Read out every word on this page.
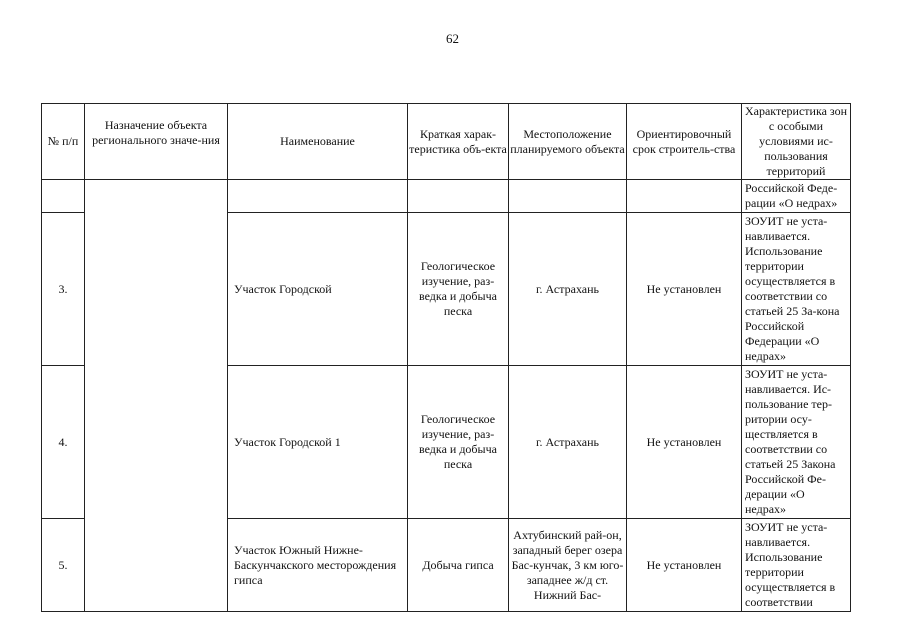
62
№ п/п	Назначение объекта регионального значе-ния	Наименование	Краткая харак-теристика объ-екта	Местоположение планируемого объекта	Ориентировочный срок строитель-ства	Характеристика зон с особыми условиями ис-пользования территорий
						Российской Феде-рации «О недрах»
3.		Участок Городской	Геологическое изучение, раз-ведка и добыча песка	г. Астрахань	Не установлен	ЗОУИТ не уста-навливается. Использование территории осуществляется в соответствии со статьей 25 За-кона Российской Федерации «О недрах»
4.		Участок Городской 1	Геологическое изучение, раз-ведка и добыча песка	г. Астрахань	Не установлен	ЗОУИТ не уста-навливается. Ис-пользование тер-ритории осу-ществляется в соответствии со статьей 25 Закона Российской Фе-дерации «О недрах»
5.		Участок Южный Нижне-Баскунчакского месторождения гипса	Добыча гипса	Ахтубинский рай-он, западный берег озера Бас-кунчак, 3 км юго-западнее ж/д ст. Нижний Бас-	Не установлен	ЗОУИТ не уста-навливается. Использование территории осуществляется в соответствии
